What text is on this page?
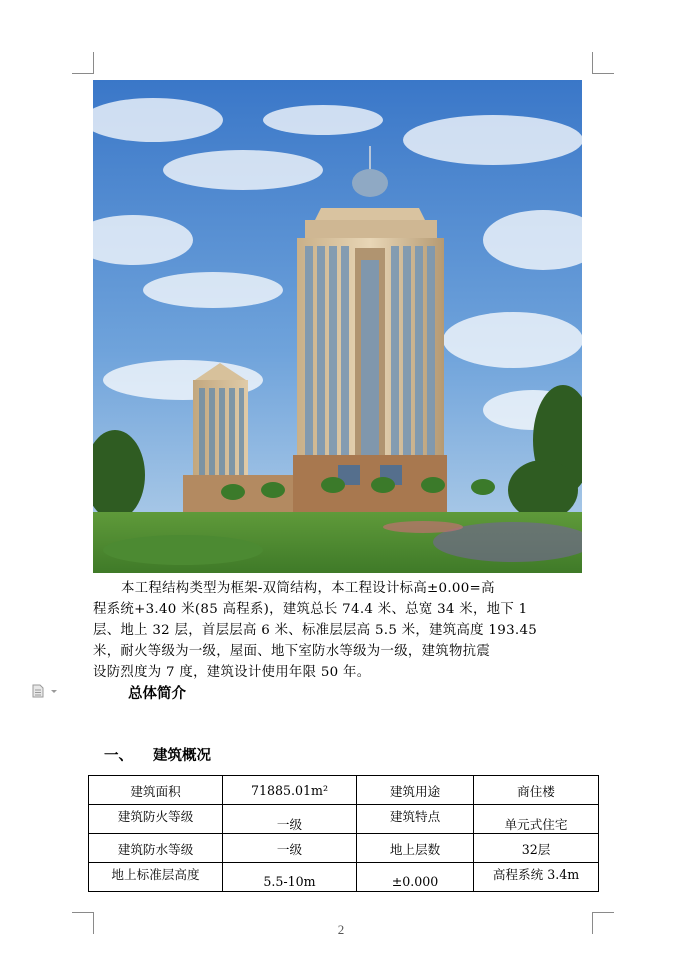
本工程结构类型为框架-双筒结构，本工程设计标高±0.00=高
程系统+3.40 米(85 高程系)，建筑总长 74.4 米、总宽 34 米，地下 1
层、地上 32 层，首层层高 6 米、标准层层高 5.5 米，建筑高度 193.45
米，耐火等级为一级，屋面、地下室防水等级为一级，建筑物抗震
设防烈度为 7 度，建筑设计使用年限 50 年。
总体简介
一、 建筑概况
建筑面积	71885.01m²	建筑用途	商住楼
建筑防火等级	一级	建筑特点	单元式住宅
建筑防水等级	一级	地上层数	32层
地上标准层高度	5.5-10m	±0.000	高程系统 3.4m
2
